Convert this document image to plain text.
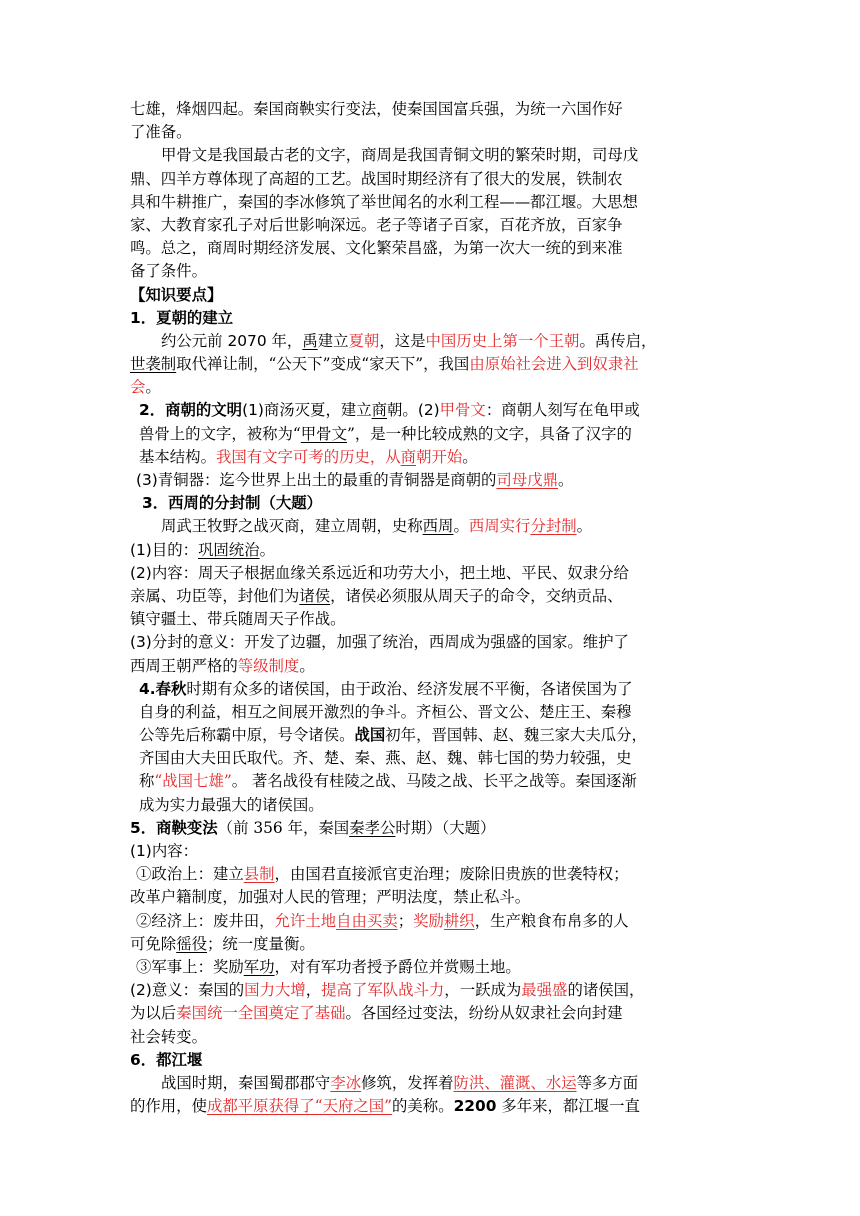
七雄，烽烟四起。秦国商鞅实行变法，使秦国国富兵强，为统一六国作好
了准备。
甲骨文是我国最古老的文字，商周是我国青铜文明的繁荣时期，司母戊
鼎、四羊方尊体现了高超的工艺。战国时期经济有了很大的发展，铁制农
具和牛耕推广，秦国的李冰修筑了举世闻名的水利工程——都江堰。大思想
家、大教育家孔子对后世影响深远。老子等诸子百家，百花齐放，百家争
鸣。总之，商周时期经济发展、文化繁荣昌盛，为第一次大一统的到来准
备了条件。
【知识要点】
1．夏朝的建立
约公元前 2070 年，禹建立夏朝，这是中国历史上第一个王朝。禹传启，
世袭制取代禅让制，“公天下”变成“家天下”，我国由原始社会进入到奴隶社
会。
2．商朝的文明(1)商汤灭夏，建立商朝。(2)甲骨文：商朝人刻写在龟甲或
兽骨上的文字，被称为“甲骨文”，是一种比较成熟的文字，具备了汉字的
基本结构。我国有文字可考的历史，从商朝开始。
(3)青铜器：迄今世界上出土的最重的青铜器是商朝的司母戊鼎。
3．西周的分封制（大题）
周武王牧野之战灭商，建立周朝，史称西周。西周实行分封制。
(1)目的：巩固统治。
(2)内容：周天子根据血缘关系远近和功劳大小，把土地、平民、奴隶分给
亲属、功臣等，封他们为诸侯，诸侯必须服从周天子的命令，交纳贡品、
镇守疆土、带兵随周天子作战。
(3)分封的意义：开发了边疆，加强了统治，西周成为强盛的国家。维护了
西周王朝严格的等级制度。
4.春秋时期有众多的诸侯国，由于政治、经济发展不平衡，各诸侯国为了
自身的利益，相互之间展开激烈的争斗。齐桓公、晋文公、楚庄王、秦穆
公等先后称霸中原，号令诸侯。战国初年，晋国韩、赵、魏三家大夫瓜分，
齐国由大夫田氏取代。齐、楚、秦、燕、赵、魏、韩七国的势力较强，史
称“战国七雄”。 著名战役有桂陵之战、马陵之战、长平之战等。秦国逐渐
成为实力最强大的诸侯国。
5．商鞅变法（前 356 年，秦国秦孝公时期）（大题）
(1)内容：
①政治上：建立县制，由国君直接派官吏治理；废除旧贵族的世袭特权；
改革户籍制度，加强对人民的管理；严明法度，禁止私斗。
②经济上：废井田，允许土地自由买卖；奖励耕织，生产粮食布帛多的人
可免除徭役；统一度量衡。
③军事上：奖励军功，对有军功者授予爵位并赏赐土地。
(2)意义：秦国的国力大增，提高了军队战斗力，一跃成为最强盛的诸侯国，
为以后秦国统一全国奠定了基础。各国经过变法，纷纷从奴隶社会向封建
社会转变。
6．都江堰
战国时期，秦国蜀郡郡守李冰修筑，发挥着防洪、灌溉、水运等多方面
的作用，使成都平原获得了“天府之国”的美称。2200 多年来，都江堰一直
